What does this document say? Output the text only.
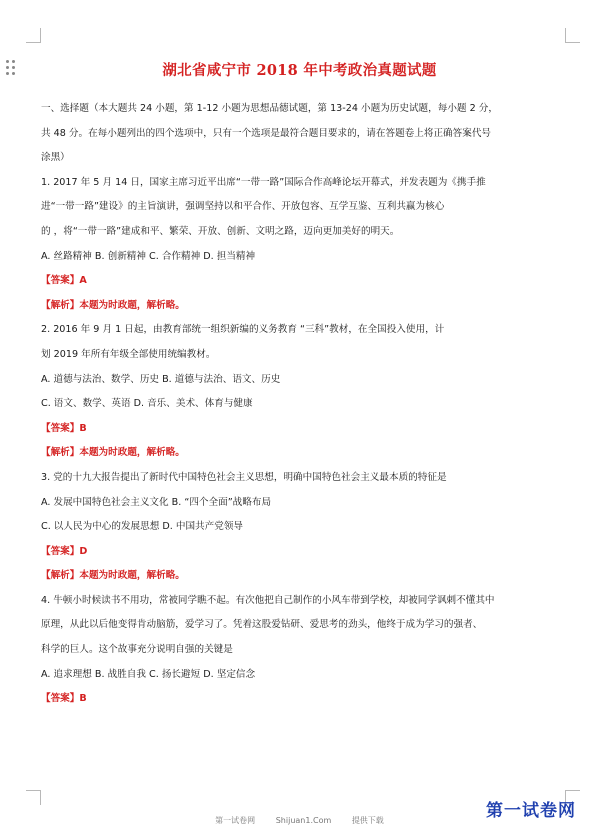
湖北省咸宁市 2018 年中考政治真题试题

一、选择题（本大题共 24 小题，第 1-12 小题为思想品德试题，第 13-24 小题为历史试题，每小题 2 分，

共 48 分。在每小题列出的四个选项中，只有一个选项是最符合题目要求的，请在答题卷上将正确答案代号

涂黑）

1. 2017 年 5 月 14 日，国家主席习近平出席“一带一路”国际合作高峰论坛开幕式，并发表题为《携手推

进“一带一路”建设》的主旨演讲，强调坚持以和平合作、开放包容、互学互鉴、互利共赢为核心

的 ，将“一带一路”建成和平、繁荣、开放、创新、文明之路，迈向更加美好的明天。

A. 丝路精神 B. 创新精神 C. 合作精神 D. 担当精神

【答案】A

【解析】本题为时政题，解析略。

2. 2016 年 9 月 1 日起，由教育部统一组织新编的义务教育 “三科”教材，在全国投入使用，计

划 2019 年所有年级全部使用统编教材。

A. 道德与法治、数学、历史 B. 道德与法治、语文、历史

C. 语文、数学、英语 D. 音乐、美术、体育与健康

【答案】B

【解析】本题为时政题，解析略。

3. 党的十九大报告提出了新时代中国特色社会主义思想，明确中国特色社会主义最本质的特征是

A. 发展中国特色社会主义文化 B. “四个全面”战略布局

C. 以人民为中心的发展思想 D. 中国共产党领导

【答案】D

【解析】本题为时政题，解析略。

4. 牛顿小时候读书不用功，常被同学瞧不起。有次他把自己制作的小风车带到学校，却被同学讽刺不懂其中

原理，从此以后他变得肯动脑筋，爱学习了。凭着这股爱钻研、爱思考的劲头，他终于成为学习的强者、

科学的巨人。这个故事充分说明自强的关键是

A. 追求理想 B. 战胜自我 C. 扬长避短 D. 坚定信念

【答案】B

第一试卷网
第一试卷网	Shijuan1.Com	提供下载
